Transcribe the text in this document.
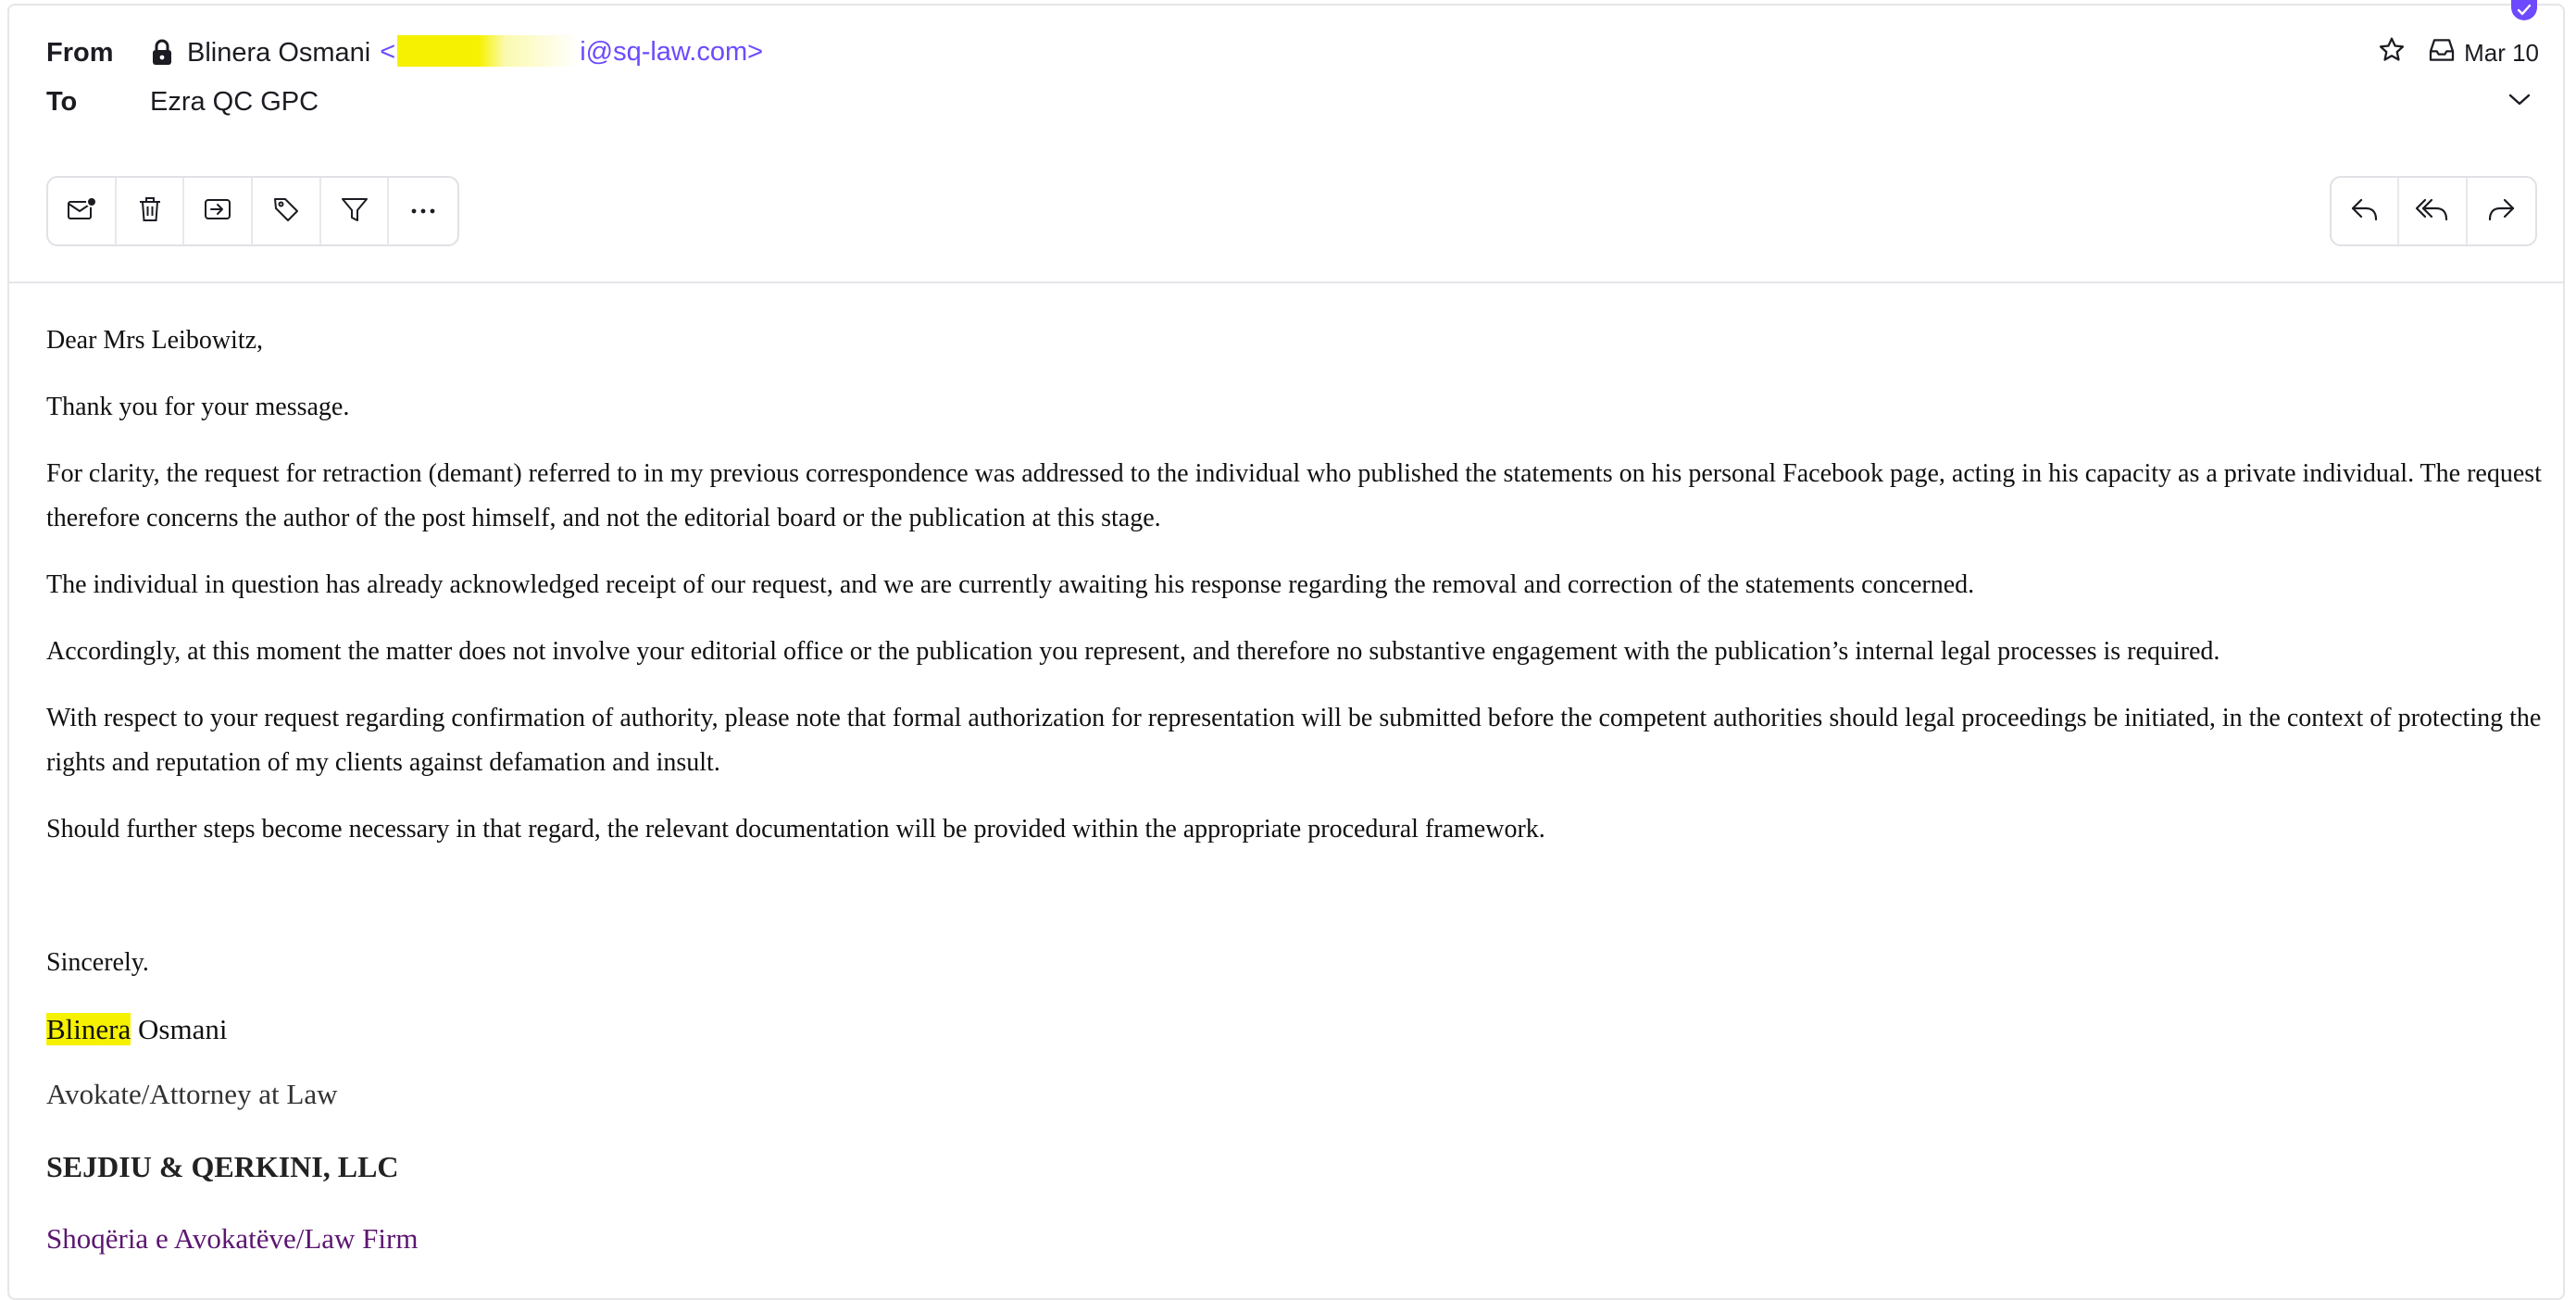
From	Blinera Osmani <	i@sq-law.com>
To	Ezra QC GPC
Mar 10

Dear Mrs Leibowitz,

Thank you for your message.

For clarity, the request for retraction (demant) referred to in my previous correspondence was addressed to the individual who published the statements on his personal Facebook page, acting in his capacity as a private individual. The request therefore concerns the author of the post himself, and not the editorial board or the publication at this stage.

The individual in question has already acknowledged receipt of our request, and we are currently awaiting his response regarding the removal and correction of the statements concerned.

Accordingly, at this moment the matter does not involve your editorial office or the publication you represent, and therefore no substantive engagement with the publication’s internal legal processes is required.

With respect to your request regarding confirmation of authority, please note that formal authorization for representation will be submitted before the competent authorities should legal proceedings be initiated, in the context of protecting the rights and reputation of my clients against defamation and insult.

Should further steps become necessary in that regard, the relevant documentation will be provided within the appropriate procedural framework.

Sincerely.

Blinera Osmani
Avokate/Attorney at Law
SEJDIU & QERKINI, LLC
Shoqëria e Avokatëve/Law Firm
